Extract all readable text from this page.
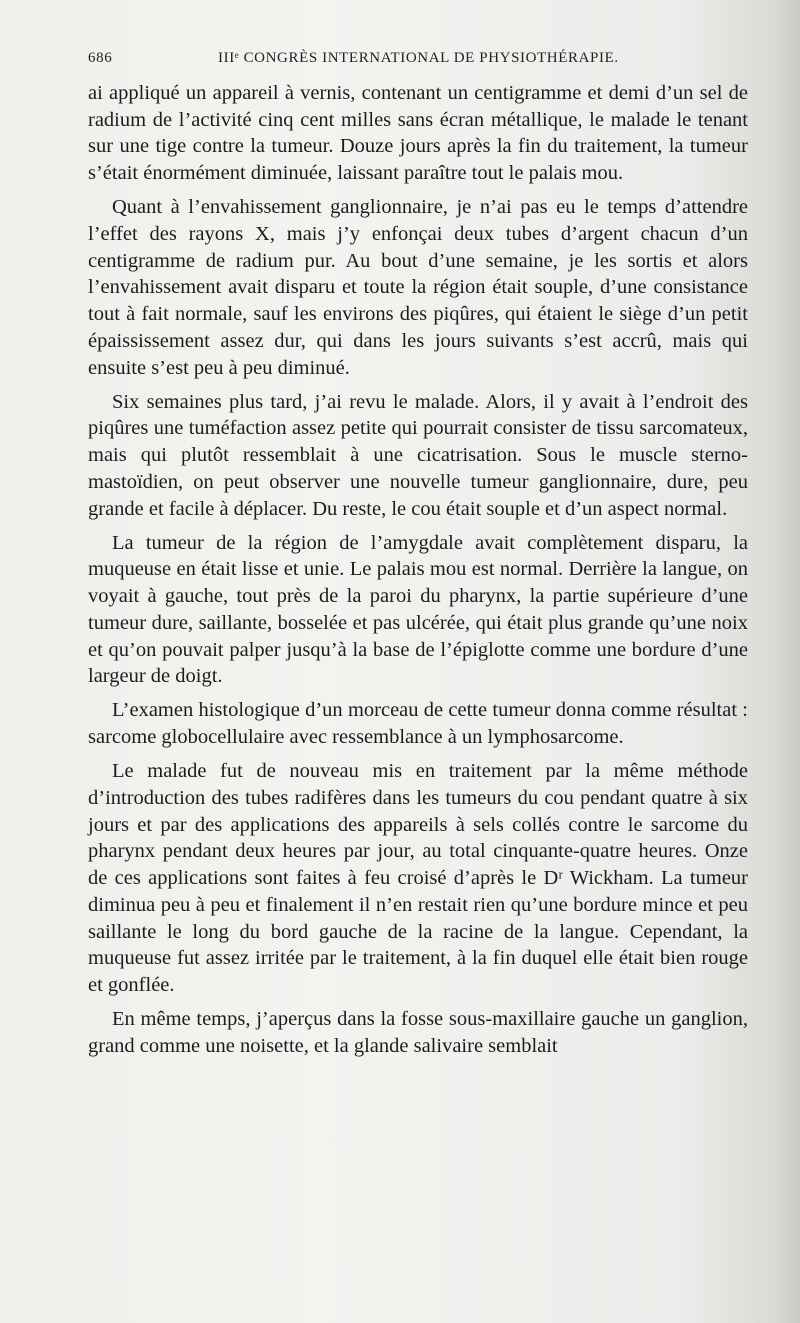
686	IIIᵉ CONGRÈS INTERNATIONAL DE PHYSIOTHÉRAPIE.

ai appliqué un appareil à vernis, contenant un centigramme et demi d’un sel de radium de l’activité cinq cent milles sans écran métallique, le malade le tenant sur une tige contre la tumeur. Douze jours après la fin du traitement, la tumeur s’était énormément diminuée, laissant paraître tout le palais mou.

Quant à l’envahissement ganglionnaire, je n’ai pas eu le temps d’attendre l’effet des rayons X, mais j’y enfonçai deux tubes d’argent chacun d’un centigramme de radium pur. Au bout d’une semaine, je les sortis et alors l’envahissement avait disparu et toute la région était souple, d’une consistance tout à fait normale, sauf les environs des piqûres, qui étaient le siège d’un petit épaississement assez dur, qui dans les jours suivants s’est accrû, mais qui ensuite s’est peu à peu diminué.

Six semaines plus tard, j’ai revu le malade. Alors, il y avait à l’endroit des piqûres une tuméfaction assez petite qui pourrait consister de tissu sarcomateux, mais qui plutôt ressemblait à une cicatrisation. Sous le muscle sterno-mastoïdien, on peut observer une nouvelle tumeur ganglionnaire, dure, peu grande et facile à déplacer. Du reste, le cou était souple et d’un aspect normal.

La tumeur de la région de l’amygdale avait complètement disparu, la muqueuse en était lisse et unie. Le palais mou est normal. Derrière la langue, on voyait à gauche, tout près de la paroi du pharynx, la partie supérieure d’une tumeur dure, saillante, bosselée et pas ulcérée, qui était plus grande qu’une noix et qu’on pouvait palper jusqu’à la base de l’épiglotte comme une bordure d’une largeur de doigt.

L’examen histologique d’un morceau de cette tumeur donna comme résultat : sarcome globocellulaire avec ressemblance à un lymphosarcome.

Le malade fut de nouveau mis en traitement par la même méthode d’introduction des tubes radifères dans les tumeurs du cou pendant quatre à six jours et par des applications des appareils à sels collés contre le sarcome du pharynx pendant deux heures par jour, au total cinquante-quatre heures. Onze de ces applications sont faites à feu croisé d’après le Dʳ Wickham. La tumeur diminua peu à peu et finalement il n’en restait rien qu’une bordure mince et peu saillante le long du bord gauche de la racine de la langue. Cependant, la muqueuse fut assez irritée par le traitement, à la fin duquel elle était bien rouge et gonflée.

En même temps, j’aperçus dans la fosse sous-maxillaire gauche un ganglion, grand comme une noisette, et la glande salivaire semblait
